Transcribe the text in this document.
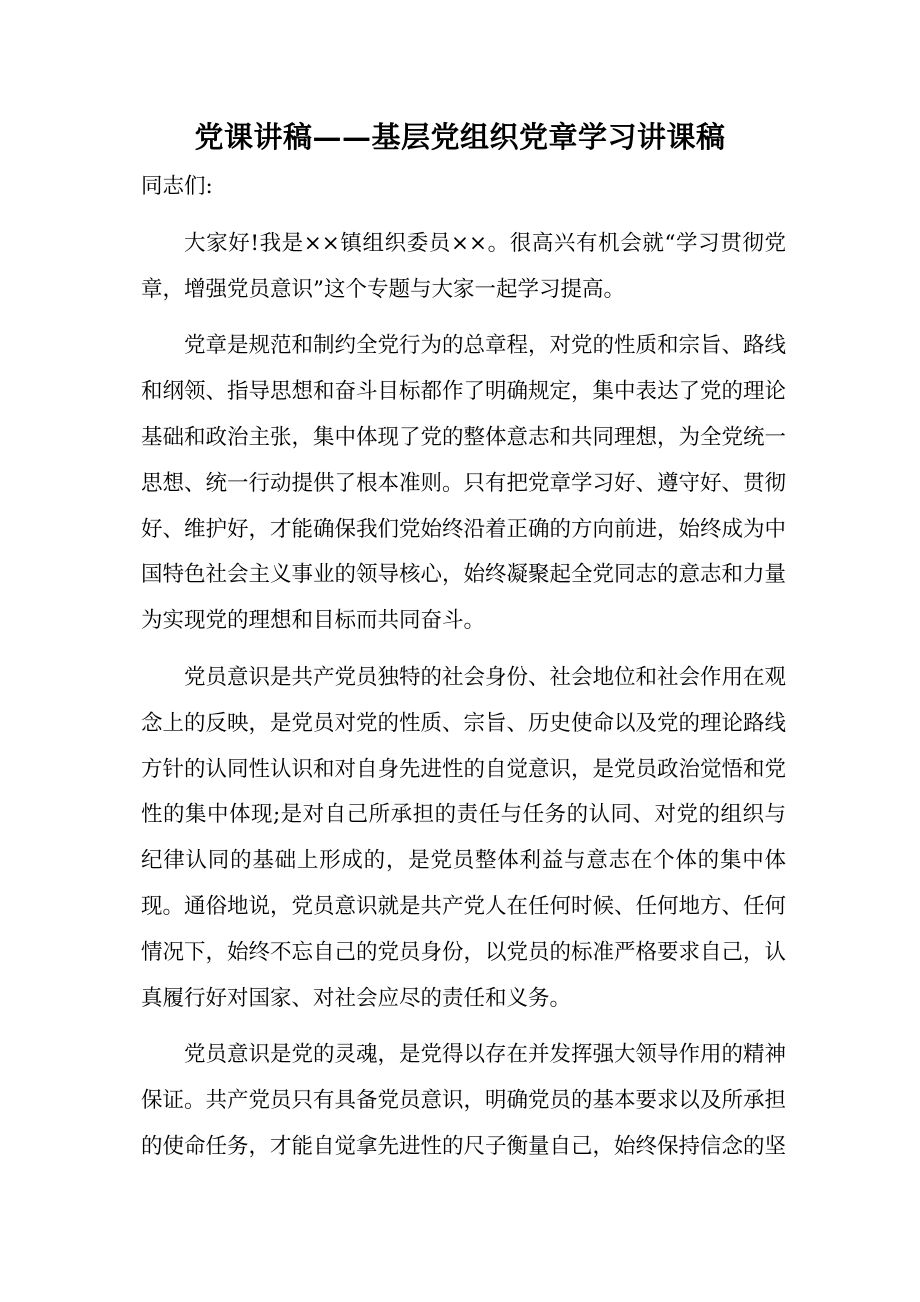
党课讲稿——基层党组织党章学习讲课稿

同志们:

大家好!我是××镇组织委员××。很高兴有机会就“学习贯彻党章，增强党员意识”这个专题与大家一起学习提高。

党章是规范和制约全党行为的总章程，对党的性质和宗旨、路线和纲领、指导思想和奋斗目标都作了明确规定，集中表达了党的理论基础和政治主张，集中体现了党的整体意志和共同理想，为全党统一思想、统一行动提供了根本准则。只有把党章学习好、遵守好、贯彻好、维护好，才能确保我们党始终沿着正确的方向前进，始终成为中国特色社会主义事业的领导核心，始终凝聚起全党同志的意志和力量为实现党的理想和目标而共同奋斗。

党员意识是共产党员独特的社会身份、社会地位和社会作用在观念上的反映，是党员对党的性质、宗旨、历史使命以及党的理论路线方针的认同性认识和对自身先进性的自觉意识，是党员政治觉悟和党性的集中体现;是对自己所承担的责任与任务的认同、对党的组织与纪律认同的基础上形成的，是党员整体利益与意志在个体的集中体现。通俗地说，党员意识就是共产党人在任何时候、任何地方、任何情况下，始终不忘自己的党员身份，以党员的标准严格要求自己，认真履行好对国家、对社会应尽的责任和义务。

党员意识是党的灵魂，是党得以存在并发挥强大领导作用的精神保证。共产党员只有具备党员意识，明确党员的基本要求以及所承担的使命任务，才能自觉拿先进性的尺子衡量自己，始终保持信念的坚
